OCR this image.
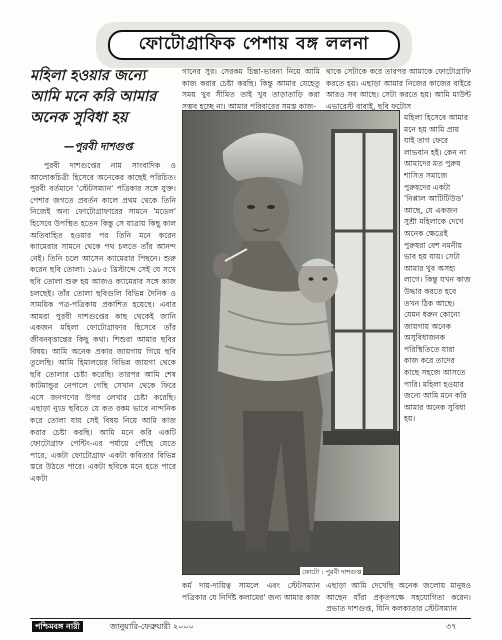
ফোটোগ্রাফিক পেশায় বঙ্গ ললনা
মহিলা হওয়ার জন্যে
আমি মনে করি আমার
অনেক সুবিধা হয়
—পুরবী দাশগুপ্ত
পুরবী দাশগুপ্তের নাম সাংবাদিক ও আলোকচিত্রী হিসেবে অনেকের কাছেই পরিচিত। পুরবী বর্তমানে 'স্টেটসম্যান' পত্রিকার সঙ্গে যুক্ত। পেশার জগতে প্রবর্তন কালে প্রথম থেকে তিনি নিজেই অন্য ফোটোগ্রাফারের সামনে 'মডেল' হিসেবে উপস্থিত হতেন কিন্তু সে যাত্রায় কিছু কাল অতিবাহিত হওয়ার পর তিনি মনে করেন ক্যামেরার সামনে থেকে পথ চলতে তাঁর আনন্দ নেই। তিনি চলে আসেন ক্যামেরার পিছনে। শুরু করেন ছবি তোলা। ১৯৮৫ খ্রিস্টাব্দে সেই যে সখে ছবি তোলা শুরু হয় আজও ক্যামেরার সঙ্গে কাজ চলছেই। তাঁর তোলা ছবিগুলি বিভিন্ন দৈনিক ও সাময়িক পত্র-পত্রিকায় প্রকাশিত হয়েছে। এবার আমরা পুরবী দাশগুপ্তের কাছ থেকেই জানি একজন মহিলা ফোটোগ্রাফার হিসেবে তাঁর জীবনবৃত্তান্তের কিছু কথা। শিশুরা আমার ছবির বিষয়। আমি অনেক প্রকার জায়গায় গিয়ে ছবি তুলেছি। আমি হিমালয়ের বিভিন্ন জায়গা থেকে ছবি তোলার চেষ্টা করেছি। তারপর আমি শেষ কাটমান্ডুর নেপালে গেছি সেখান থেকে ফিরে এসে জনগণের উপর লেখার চেষ্টা করেছি। এছাড়া ন্যুড ছবিতে যে কত রকম ভাবে নান্দনিক করে তোলা যায় সেই বিষয় নিয়ে আমি কাজ করার চেষ্টা করছি। আমি মনে করি একটি ফোটোগ্রাফ পেন্টিং-এর পর্যায়ে পৌঁছে যেতে পারে, একটা ফোটোগ্রাফ একটা কবিতার বিভিন্ন স্তরে উঠতে পারে। একটা ছবিকে মনে হতে পারে একটা
গানের সুর। সেরকম চিন্তা-ভাবনা নিয়ে আমি কাজ করার চেষ্টা করছি। কিন্তু আমার যেহেতু সময় খুব সীমিত তাই খুব তাড়াতাড়ি করা সম্ভব হচ্ছে না। আমার পরিবারের সমস্ত কাজ-
থাকে সেটাকে করে তারপর আমাকে ফোটোগ্রাফি করতে হয়। এছাড়া আমার নিজের কাজের বাইরে আরও সব আছে। সেটা করতে হয়। আমি মাউন্ট এভারেস্ট বাবাই, ছবি ফটোস
মহিলা হিসেবে আমার মনে হয় আমি প্রায় যাই তাগ ফেরে লাভবান হই। কেন না আমাদের মত পুরুষ শাসিত সমাজে পুরুষদের একটা 'নিপ্পাল আটিটিউড' আছে, যে একজন সুশ্রী মহিলাকে দেখে অনেক ক্ষেত্রেই পুরুষরা বেশ নমনীয় ভাব হয় যায়। সেটা আমার খুব অসহ্য লাগে। কিন্তু যখন কাজ উদ্ধার করতে হবে তখন ঠিক আছে। যেমন ধরুন কোনো জায়গায় অনেক অসুবিধাজনক পরিস্থিতিতে যারা কাজ করে তাদের কাছে সহজে আসতে পারি। মহিলা হওয়ার জন্যে আমি মনে করি আমার অনেক সুবিধা হয়।
ফোটো : পুরবী দাশগুপ্ত
কর্ম দায়-দায়িত্ব সামলে এবং স্টেটসম্যান পত্রিকার যে নির্দিষ্ট কলামের' জন্য আমার কাজ
এছাড়া আমি দেখেছি অনেক জলোয় মানুষও আছেন যাঁরা প্রকৃতপক্ষে সহযোগিতা করেন। প্রভাত দাশগুপ্ত, যিনি কলকাতার স্টেটসম্যান
পশ্চিমবঙ্গ নারী	জানুয়ারি-ফেব্রুয়ারী ২০০০	৩৭
